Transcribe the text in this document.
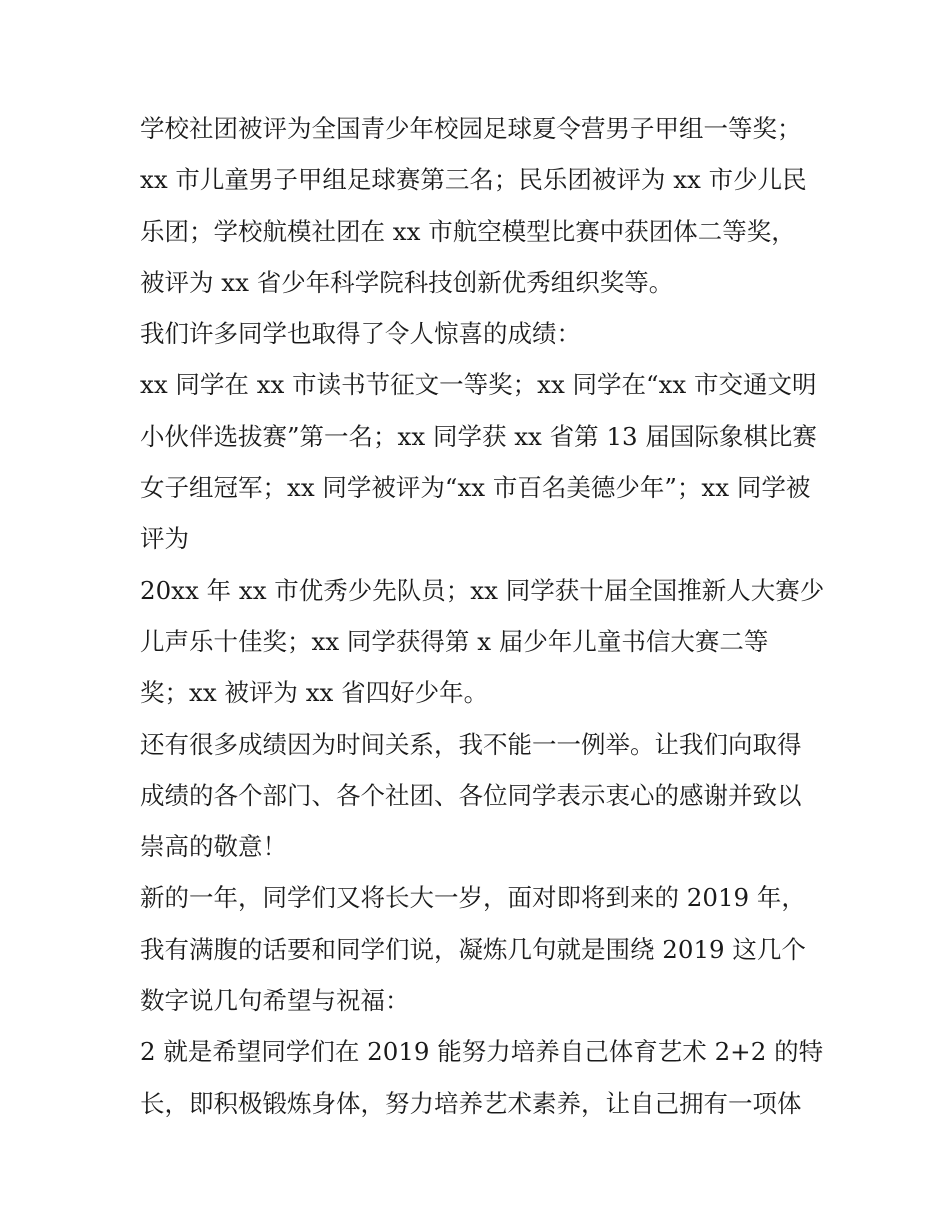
学校社团被评为全国青少年校园足球夏令营男子甲组一等奖；
xx 市儿童男子甲组足球赛第三名；民乐团被评为 xx 市少儿民
乐团；学校航模社团在 xx 市航空模型比赛中获团体二等奖，
被评为 xx 省少年科学院科技创新优秀组织奖等。
我们许多同学也取得了令人惊喜的成绩：
xx 同学在 xx 市读书节征文一等奖；xx 同学在“xx 市交通文明
小伙伴选拔赛”第一名；xx 同学获 xx 省第 13 届国际象棋比赛
女子组冠军；xx 同学被评为“xx 市百名美德少年”；xx 同学被
评为
20xx 年 xx 市优秀少先队员；xx 同学获十届全国推新人大赛少
儿声乐十佳奖；xx 同学获得第 x 届少年儿童书信大赛二等
奖；xx 被评为 xx 省四好少年。
还有很多成绩因为时间关系，我不能一一例举。让我们向取得
成绩的各个部门、各个社团、各位同学表示衷心的感谢并致以
崇高的敬意！
新的一年，同学们又将长大一岁，面对即将到来的 2019 年，
我有满腹的话要和同学们说，凝炼几句就是围绕 2019 这几个
数字说几句希望与祝福：
2 就是希望同学们在 2019 能努力培养自己体育艺术 2+2 的特
长，即积极锻炼身体，努力培养艺术素养，让自己拥有一项体
